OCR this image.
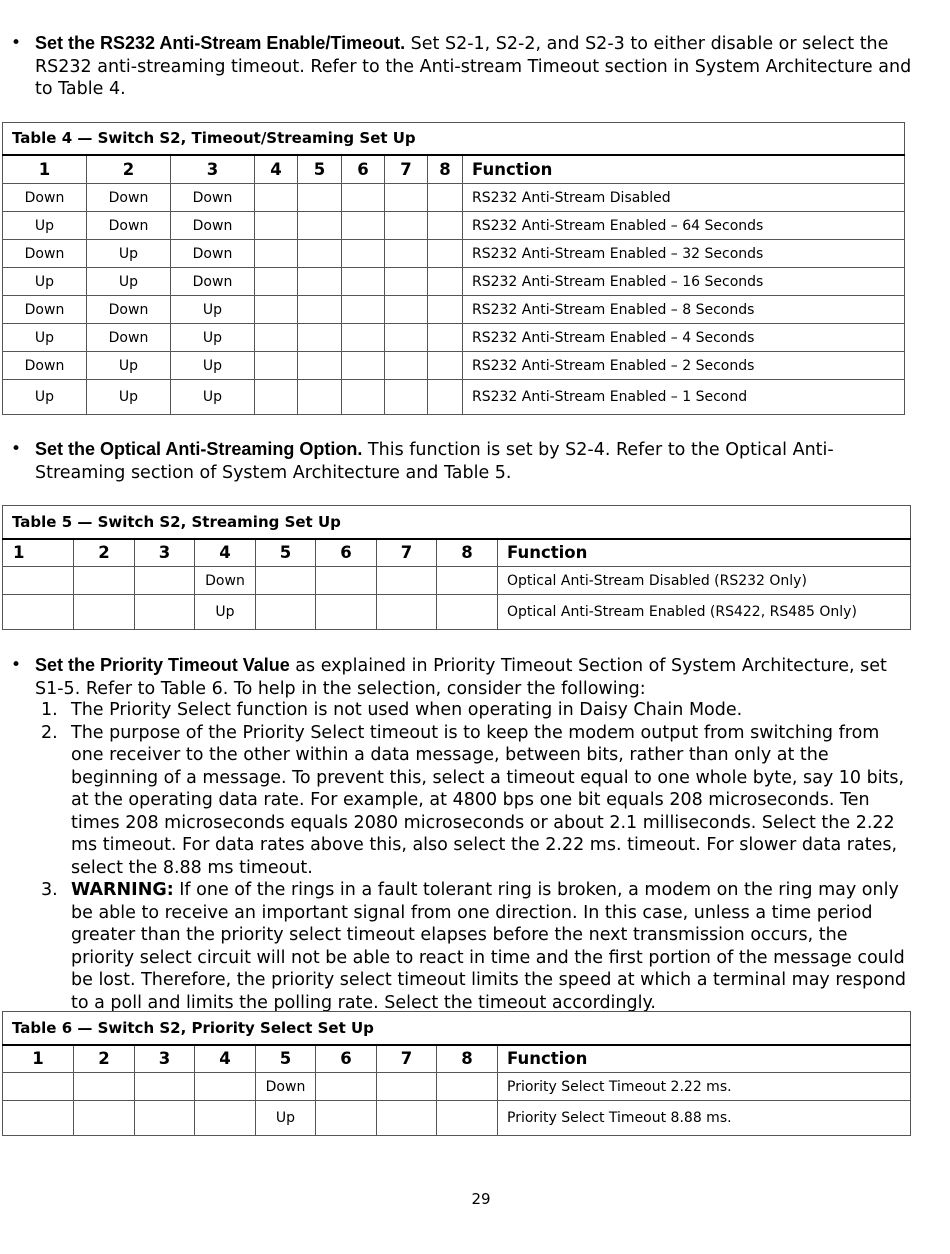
• Set the RS232 Anti-Stream Enable/Timeout. Set S2-1, S2-2, and S2-3 to either disable or select the RS232 anti-streaming timeout. Refer to the Anti-stream Timeout section in System Architecture and to Table 4.
Table 4 — Switch S2, Timeout/Streaming Set Up								
1	2	3	4	5	6	7	8	Function
Down	Down	Down						RS232 Anti-Stream Disabled
Up	Down	Down						RS232 Anti-Stream Enabled – 64 Seconds
Down	Up	Down						RS232 Anti-Stream Enabled – 32 Seconds
Up	Up	Down						RS232 Anti-Stream Enabled – 16 Seconds
Down	Down	Up						RS232 Anti-Stream Enabled – 8 Seconds
Up	Down	Up						RS232 Anti-Stream Enabled – 4 Seconds
Down	Up	Up						RS232 Anti-Stream Enabled – 2 Seconds
Up	Up	Up						RS232 Anti-Stream Enabled – 1 Second
• Set the Optical Anti-Streaming Option. This function is set by S2-4. Refer to the Optical Anti-Streaming section of System Architecture and Table 5.
Table 5 — Switch S2, Streaming Set Up								
1	2	3	4	5	6	7	8	Function
			Down					Optical Anti-Stream Disabled (RS232 Only)
			Up					Optical Anti-Stream Enabled (RS422, RS485 Only)
• Set the Priority Timeout Value as explained in Priority Timeout Section of System Architecture, set S1-5. Refer to Table 6. To help in the selection, consider the following:
1. The Priority Select function is not used when operating in Daisy Chain Mode.
2. The purpose of the Priority Select timeout is to keep the modem output from switching from one receiver to the other within a data message, between bits, rather than only at the beginning of a message. To prevent this, select a timeout equal to one whole byte, say 10 bits, at the operating data rate. For example, at 4800 bps one bit equals 208 microseconds. Ten times 208 microseconds equals 2080 microseconds or about 2.1 milliseconds. Select the 2.22 ms timeout. For data rates above this, also select the 2.22 ms. timeout. For slower data rates, select the 8.88 ms timeout.
3. WARNING: If one of the rings in a fault tolerant ring is broken, a modem on the ring may only be able to receive an important signal from one direction. In this case, unless a time period greater than the priority select timeout elapses before the next transmission occurs, the priority select circuit will not be able to react in time and the first portion of the message could be lost. Therefore, the priority select timeout limits the speed at which a terminal may respond to a poll and limits the polling rate. Select the timeout accordingly.
Table 6 — Switch S2, Priority Select Set Up								
1	2	3	4	5	6	7	8	Function
				Down				Priority Select Timeout 2.22 ms.
				Up				Priority Select Timeout 8.88 ms.
29
